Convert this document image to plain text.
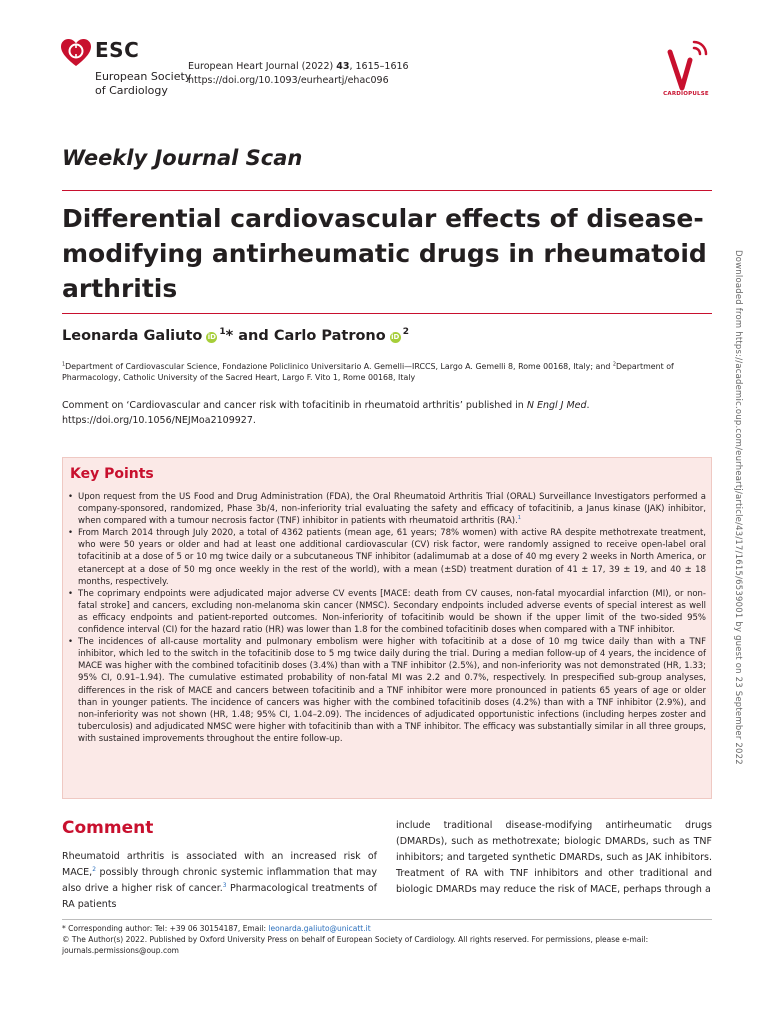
ESC
European Society
of Cardiology
European Heart Journal (2022) 43, 1615–1616
https://doi.org/10.1093/eurheartj/ehac096
CARDIOPULSE
Weekly Journal Scan
Differential cardiovascular effects of disease-modifying antirheumatic drugs in rheumatoid arthritis
Leonarda Galiuto iD $^1$* and Carlo Patrono iD $^2$
$^1$Department of Cardiovascular Science, Fondazione Policlinico Universitario A. Gemelli—IRCCS, Largo A. Gemelli 8, Rome 00168, Italy; and $^2$Department of Pharmacology, Catholic University of the Sacred Heart, Largo F. Vito 1, Rome 00168, Italy
Comment on ‘Cardiovascular and cancer risk with tofacitinib in rheumatoid arthritis’ published in N Engl J Med. https://doi.org/10.1056/NEJMoa2109927.
Key Points
• Upon request from the US Food and Drug Administration (FDA), the Oral Rheumatoid Arthritis Trial (ORAL) Surveillance Investigators performed a company-sponsored, randomized, Phase 3b/4, non-inferiority trial evaluating the safety and efficacy of tofacitinib, a Janus kinase (JAK) inhibitor, when compared with a tumour necrosis factor (TNF) inhibitor in patients with rheumatoid arthritis (RA).$^1$
• From March 2014 through July 2020, a total of 4362 patients (mean age, 61 years; 78% women) with active RA despite methotrexate treatment, who were 50 years or older and had at least one additional cardiovascular (CV) risk factor, were randomly assigned to receive open-label oral tofacitinib at a dose of 5 or 10 mg twice daily or a subcutaneous TNF inhibitor (adalimumab at a dose of 40 mg every 2 weeks in North America, or etanercept at a dose of 50 mg once weekly in the rest of the world), with a mean (±SD) treatment duration of 41 ± 17, 39 ± 19, and 40 ± 18 months, respectively.
• The coprimary endpoints were adjudicated major adverse CV events [MACE: death from CV causes, non-fatal myocardial infarction (MI), or non-fatal stroke] and cancers, excluding non-melanoma skin cancer (NMSC). Secondary endpoints included adverse events of special interest as well as efficacy endpoints and patient-reported outcomes. Non-inferiority of tofacitinib would be shown if the upper limit of the two-sided 95% confidence interval (CI) for the hazard ratio (HR) was lower than 1.8 for the combined tofacitinib doses when compared with a TNF inhibitor.
• The incidences of all-cause mortality and pulmonary embolism were higher with tofacitinib at a dose of 10 mg twice daily than with a TNF inhibitor, which led to the switch in the tofacitinib dose to 5 mg twice daily during the trial. During a median follow-up of 4 years, the incidence of MACE was higher with the combined tofacitinib doses (3.4%) than with a TNF inhibitor (2.5%), and non-inferiority was not demonstrated (HR, 1.33; 95% CI, 0.91–1.94). The cumulative estimated probability of non-fatal MI was 2.2 and 0.7%, respectively. In prespecified sub-group analyses, differences in the risk of MACE and cancers between tofacitinib and a TNF inhibitor were more pronounced in patients 65 years of age or older than in younger patients. The incidence of cancers was higher with the combined tofacitinib doses (4.2%) than with a TNF inhibitor (2.9%), and non-inferiority was not shown (HR, 1.48; 95% CI, 1.04–2.09). The incidences of adjudicated opportunistic infections (including herpes zoster and tuberculosis) and adjudicated NMSC were higher with tofacitinib than with a TNF inhibitor. The efficacy was substantially similar in all three groups, with sustained improvements throughout the entire follow-up.
Comment
Rheumatoid arthritis is associated with an increased risk of MACE,$^2$ possibly through chronic systemic inflammation that may also drive a higher risk of cancer.$^3$ Pharmacological treatments of RA patients
include traditional disease-modifying antirheumatic drugs (DMARDs), such as methotrexate; biologic DMARDs, such as TNF inhibitors; and targeted synthetic DMARDs, such as JAK inhibitors. Treatment of RA with TNF inhibitors and other traditional and biologic DMARDs may reduce the risk of MACE, perhaps through a
* Corresponding author: Tel: +39 06 30154187, Email: leonarda.galiuto@unicatt.it
© The Author(s) 2022. Published by Oxford University Press on behalf of European Society of Cardiology. All rights reserved. For permissions, please e-mail: journals.permissions@oup.com
Downloaded from https://academic.oup.com/eurheartj/article/43/17/1615/6539001 by guest on 23 September 2022
